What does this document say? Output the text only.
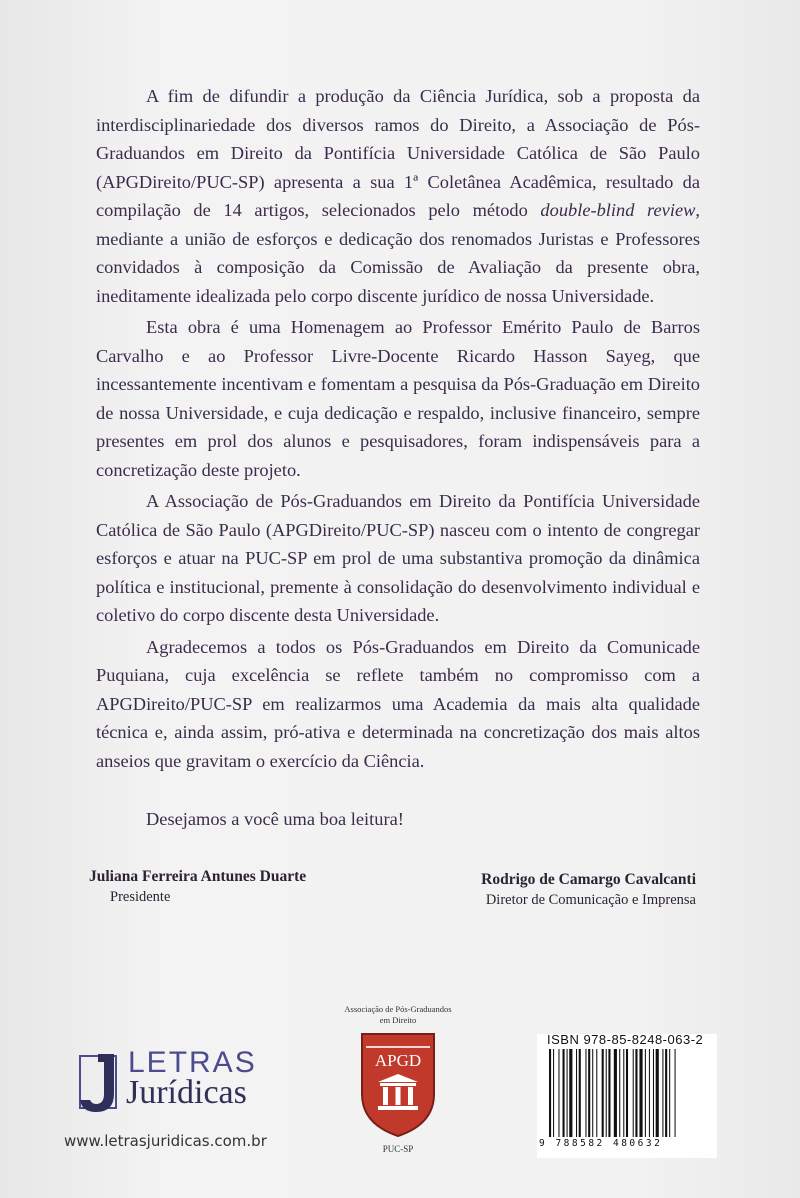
A fim de difundir a produção da Ciência Jurídica, sob a proposta da interdisciplinariedade dos diversos ramos do Direito, a Associação de Pós-Graduandos em Direito da Pontifícia Universidade Católica de São Paulo (APGDireito/PUC-SP) apresenta a sua 1ª Coletânea Acadêmica, resultado da compilação de 14 artigos, selecionados pelo método double-blind review, mediante a união de esforços e dedicação dos renomados Juristas e Professores convidados à composição da Comissão de Avaliação da presente obra, ineditamente idealizada pelo corpo discente jurídico de nossa Universidade.

Esta obra é uma Homenagem ao Professor Emérito Paulo de Barros Carvalho e ao Professor Livre-Docente Ricardo Hasson Sayeg, que incessantemente incentivam e fomentam a pesquisa da Pós-Graduação em Direito de nossa Universidade, e cuja dedicação e respaldo, inclusive financeiro, sempre presentes em prol dos alunos e pesquisadores, foram indispensáveis para a concretização deste projeto.

A Associação de Pós-Graduandos em Direito da Pontifícia Universidade Católica de São Paulo (APGDireito/PUC-SP) nasceu com o intento de congregar esforços e atuar na PUC-SP em prol de uma substantiva promoção da dinâmica política e institucional, premente à consolidação do desenvolvimento individual e coletivo do corpo discente desta Universidade.

Agradecemos a todos os Pós-Graduandos em Direito da Comunicade Puquiana, cuja excelência se reflete também no compromisso com a APGDireito/PUC-SP em realizarmos uma Academia da mais alta qualidade técnica e, ainda assim, pró-ativa e determinada na concretização dos mais altos anseios que gravitam o exercício da Ciência.

Desejamos a você uma boa leitura!

Juliana Ferreira Antunes Duarte
Presidente
Rodrigo de Camargo Cavalcanti
Diretor de Comunicação e Imprensa
LETRAS
Jurídicas
www.letrasjuridicas.com.br
Associação de Pós-Graduandos
em Direito
APGD
PUC-SP
ISBN 978-85-8248-063-2
9 788582 480632
